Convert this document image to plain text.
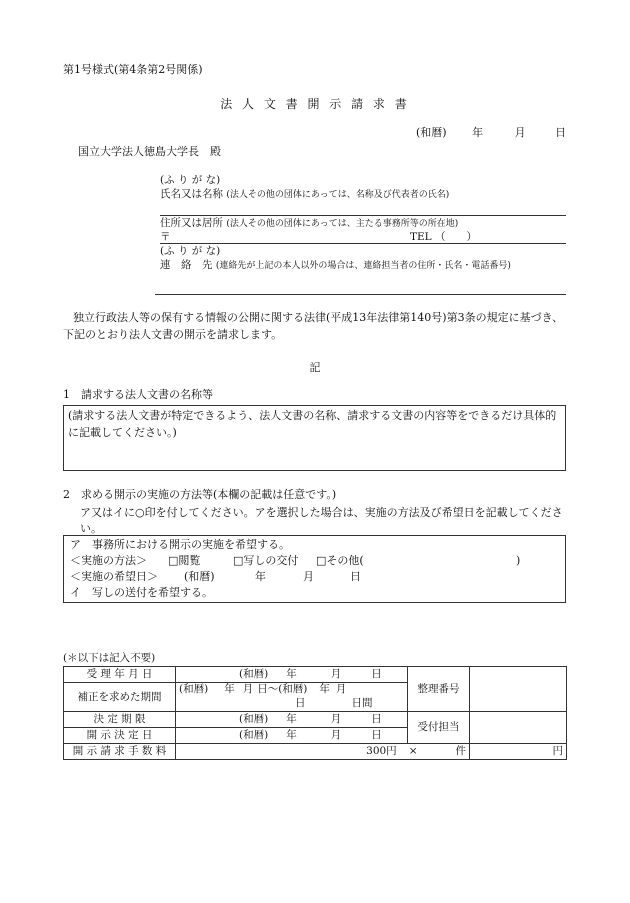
第1号様式(第4条第2号関係)
法 人 文 書 開 示 請 求 書
(和暦) 年	月	日
国立大学法人徳島大学長　殿
(ふ り が な)
氏名又は名称 (法人その他の団体にあっては、名称及び代表者の氏名)
住所又は居所 (法人その他の団体にあっては、主たる事務所等の所在地)
〒	TEL （　　）
(ふ り が な)
連　絡　先 (連絡先が上記の本人以外の場合は、連絡担当者の住所・氏名・電話番号)
独立行政法人等の保有する情報の公開に関する法律(平成13年法律第140号)第3条の規定に基づき、下記のとおり法人文書の開示を請求します。
記
1　請求する法人文書の名称等
(請求する法人文書が特定できるよう、法人文書の名称、請求する文書の内容等をできるだけ具体的に記載してください。)
2　求める開示の実施の方法等(本欄の記載は任意です。)
ア又はイに○印を付してください。アを選択した場合は、実施の方法及び希望日を記載してください。
ア　事務所における開示の実施を希望する。
＜実施の方法＞ □閲覧	□写しの交付 □その他(	)
＜実施の希望日＞ (和暦)	年	月	日
イ　写しの送付を希望する。
(＊以下は記入不要)
受 理 年 月 日	(和暦) 年 月 日	整理番号	
補正を求めた期間	(和暦) 年 月 日〜(和暦) 年 月
日 日間		

決 定 期 限	(和暦) 年 月 日	受付担当	
開 示 決 定 日	(和暦) 年 月 日		
開 示 請 求 手 数 料	300円 × 件		円
